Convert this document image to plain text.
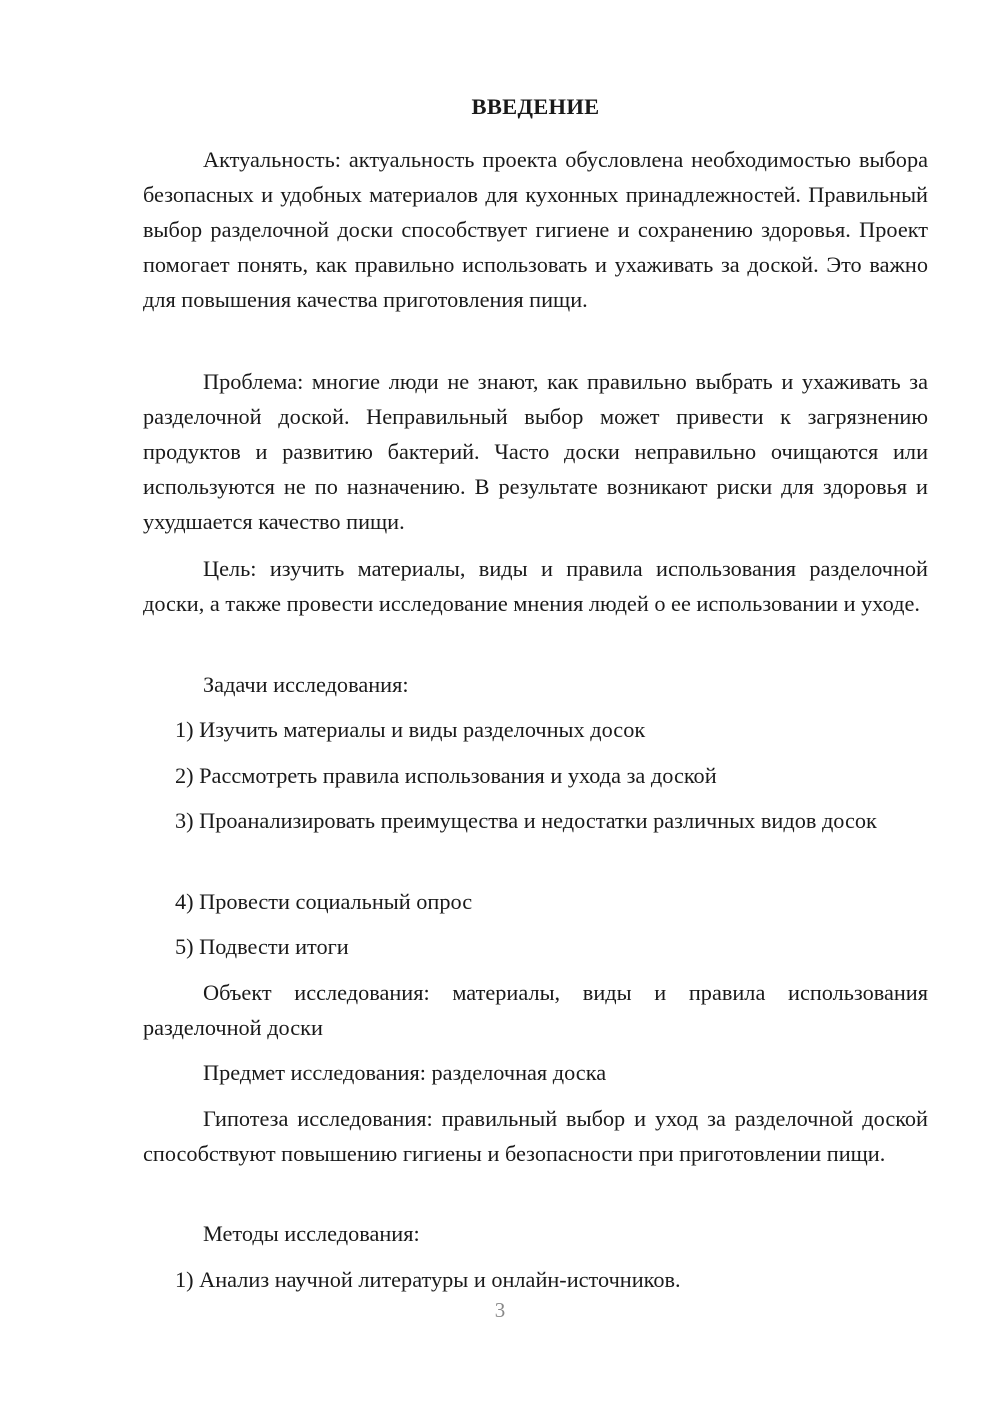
ВВЕДЕНИЕ

Актуальность: актуальность проекта обусловлена необходимостью выбора безопасных и удобных материалов для кухонных принадлежностей. Правильный выбор разделочной доски способствует гигиене и сохранению здоровья. Проект помогает понять, как правильно использовать и ухаживать за доской. Это важно для повышения качества приготовления пищи.

Проблема: многие люди не знают, как правильно выбрать и ухаживать за разделочной доской. Неправильный выбор может привести к загрязнению продуктов и развитию бактерий. Часто доски неправильно очищаются или используются не по назначению. В результате возникают риски для здоровья и ухудшается качество пищи.

Цель: изучить материалы, виды и правила использования разделочной доски, а также провести исследование мнения людей о ее использовании и уходе.

Задачи исследования:

1) Изучить материалы и виды разделочных досок

2) Рассмотреть правила использования и ухода за доской

3) Проанализировать преимущества и недостатки различных видов досок

4) Провести социальный опрос

5) Подвести итоги

Объект исследования: материалы, виды и правила использования разделочной доски

Предмет исследования: разделочная доска

Гипотеза исследования: правильный выбор и уход за разделочной доской способствуют повышению гигиены и безопасности при приготовлении пищи.

Методы исследования:

1) Анализ научной литературы и онлайн-источников.

3
